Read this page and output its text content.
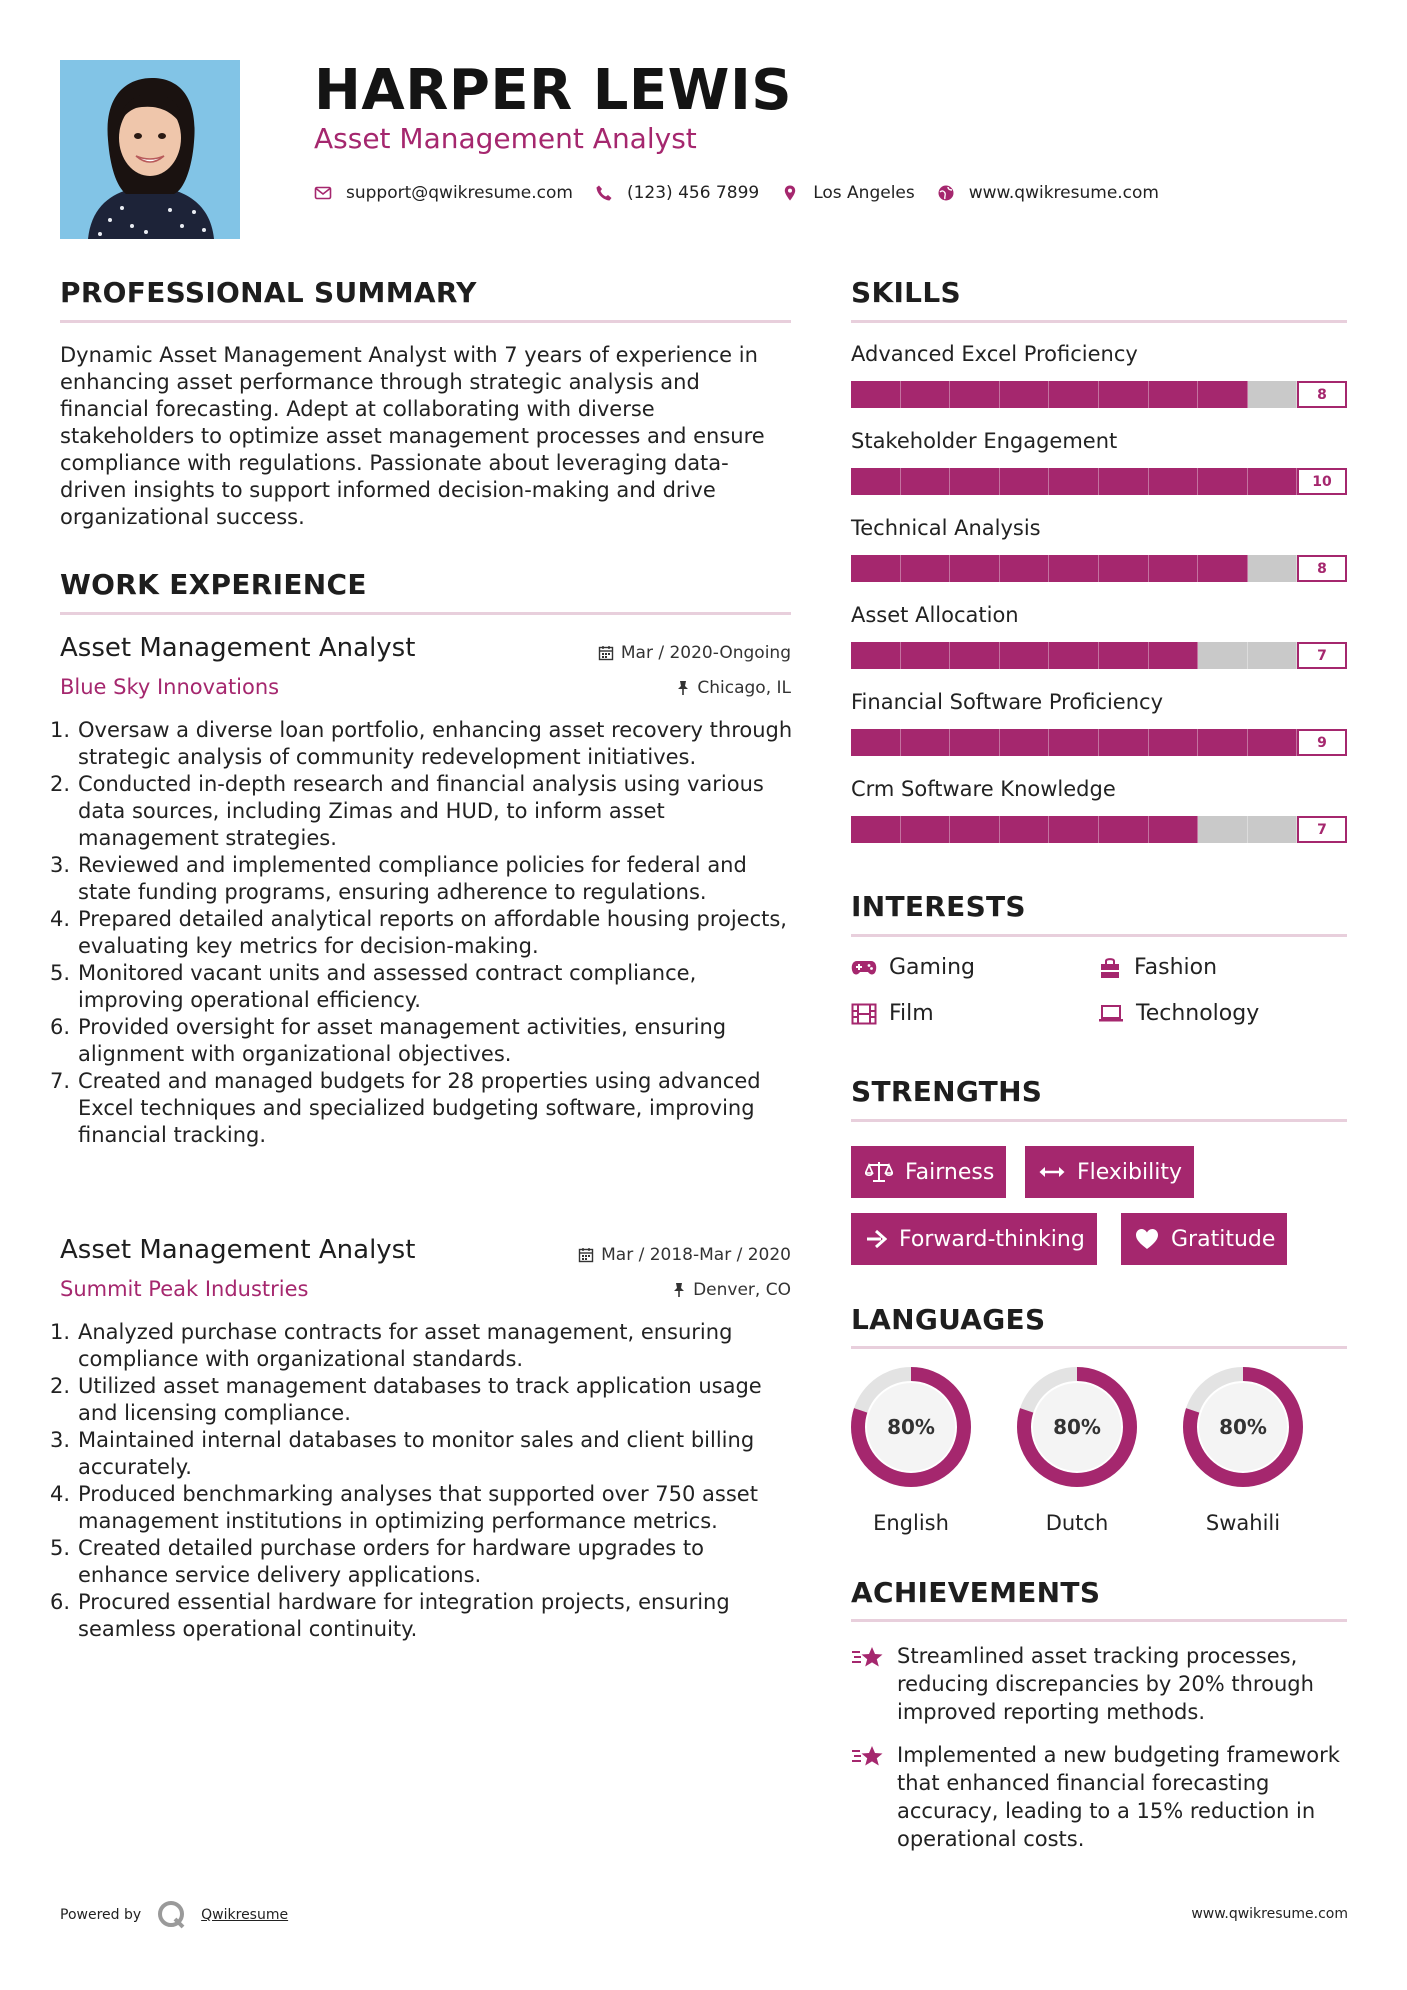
HARPER LEWIS
Asset Management Analyst
support@qwikresume.com	(123) 456 7899	Los Angeles	www.qwikresume.com
PROFESSIONAL SUMMARY
Dynamic Asset Management Analyst with 7 years of experience in enhancing asset performance through strategic analysis and financial forecasting. Adept at collaborating with diverse stakeholders to optimize asset management processes and ensure compliance with regulations. Passionate about leveraging data-driven insights to support informed decision-making and drive organizational success.
WORK EXPERIENCE
Asset Management Analyst	Mar / 2020-Ongoing
Blue Sky Innovations	Chicago, IL
1. Oversaw a diverse loan portfolio, enhancing asset recovery through strategic analysis of community redevelopment initiatives.
2. Conducted in-depth research and financial analysis using various data sources, including Zimas and HUD, to inform asset management strategies.
3. Reviewed and implemented compliance policies for federal and state funding programs, ensuring adherence to regulations.
4. Prepared detailed analytical reports on affordable housing projects, evaluating key metrics for decision-making.
5. Monitored vacant units and assessed contract compliance, improving operational efficiency.
6. Provided oversight for asset management activities, ensuring alignment with organizational objectives.
7. Created and managed budgets for 28 properties using advanced Excel techniques and specialized budgeting software, improving financial tracking.
Asset Management Analyst	Mar / 2018-Mar / 2020
Summit Peak Industries	Denver, CO
1. Analyzed purchase contracts for asset management, ensuring compliance with organizational standards.
2. Utilized asset management databases to track application usage and licensing compliance.
3. Maintained internal databases to monitor sales and client billing accurately.
4. Produced benchmarking analyses that supported over 750 asset management institutions in optimizing performance metrics.
5. Created detailed purchase orders for hardware upgrades to enhance service delivery applications.
6. Procured essential hardware for integration projects, ensuring seamless operational continuity.
SKILLS
Advanced Excel Proficiency
8
Stakeholder Engagement
10
Technical Analysis
8
Asset Allocation
7
Financial Software Proficiency
9
Crm Software Knowledge
7
INTERESTS
Gaming	Fashion
Film	Technology
STRENGTHS
Fairness	Flexibility
Forward-thinking	Gratitude
LANGUAGES
80%
English
80%
Dutch
80%
Swahili
ACHIEVEMENTS
Streamlined asset tracking processes, reducing discrepancies by 20% through improved reporting methods.
Implemented a new budgeting framework that enhanced financial forecasting accuracy, leading to a 15% reduction in operational costs.
Powered by	Qwikresume	www.qwikresume.com
